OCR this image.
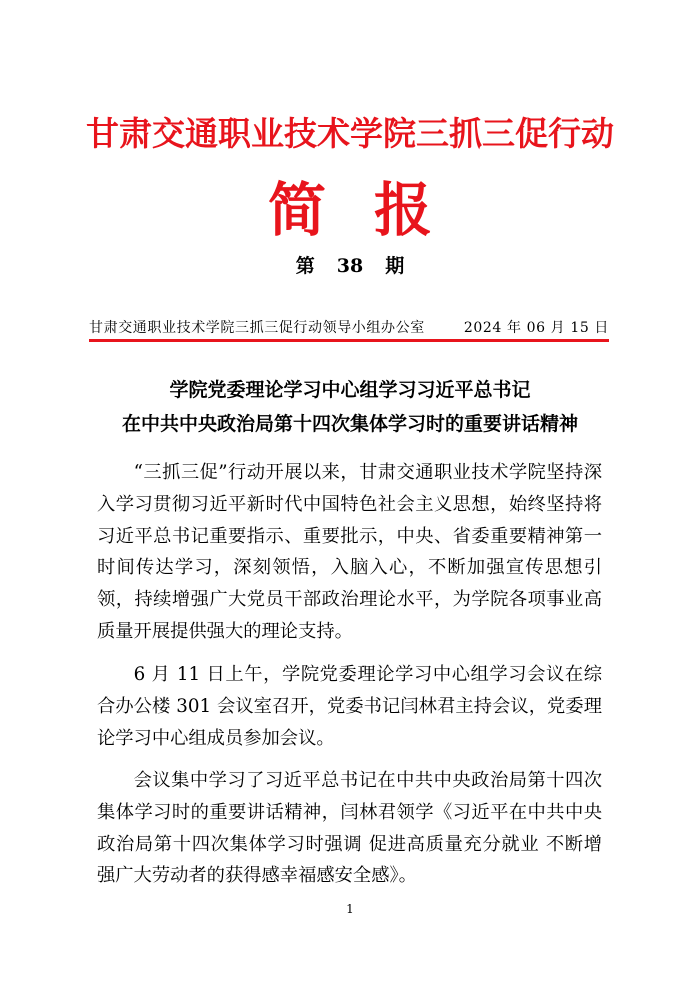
甘肃交通职业技术学院三抓三促行动
简报
第 38 期
甘肃交通职业技术学院三抓三促行动领导小组办公室	2024 年 06 月 15 日
学院党委理论学习中心组学习习近平总书记
在中共中央政治局第十四次集体学习时的重要讲话精神

“三抓三促”行动开展以来，甘肃交通职业技术学院坚持深入学习贯彻习近平新时代中国特色社会主义思想，始终坚持将习近平总书记重要指示、重要批示，中央、省委重要精神第一时间传达学习，深刻领悟，入脑入心，不断加强宣传思想引领，持续增强广大党员干部政治理论水平，为学院各项事业高质量开展提供强大的理论支持。

6 月 11 日上午，学院党委理论学习中心组学习会议在综合办公楼 301 会议室召开，党委书记闫林君主持会议，党委理论学习中心组成员参加会议。

会议集中学习了习近平总书记在中共中央政治局第十四次集体学习时的重要讲话精神，闫林君领学《习近平在中共中央政治局第十四次集体学习时强调 促进高质量充分就业 不断增强广大劳动者的获得感幸福感安全感》。

1
